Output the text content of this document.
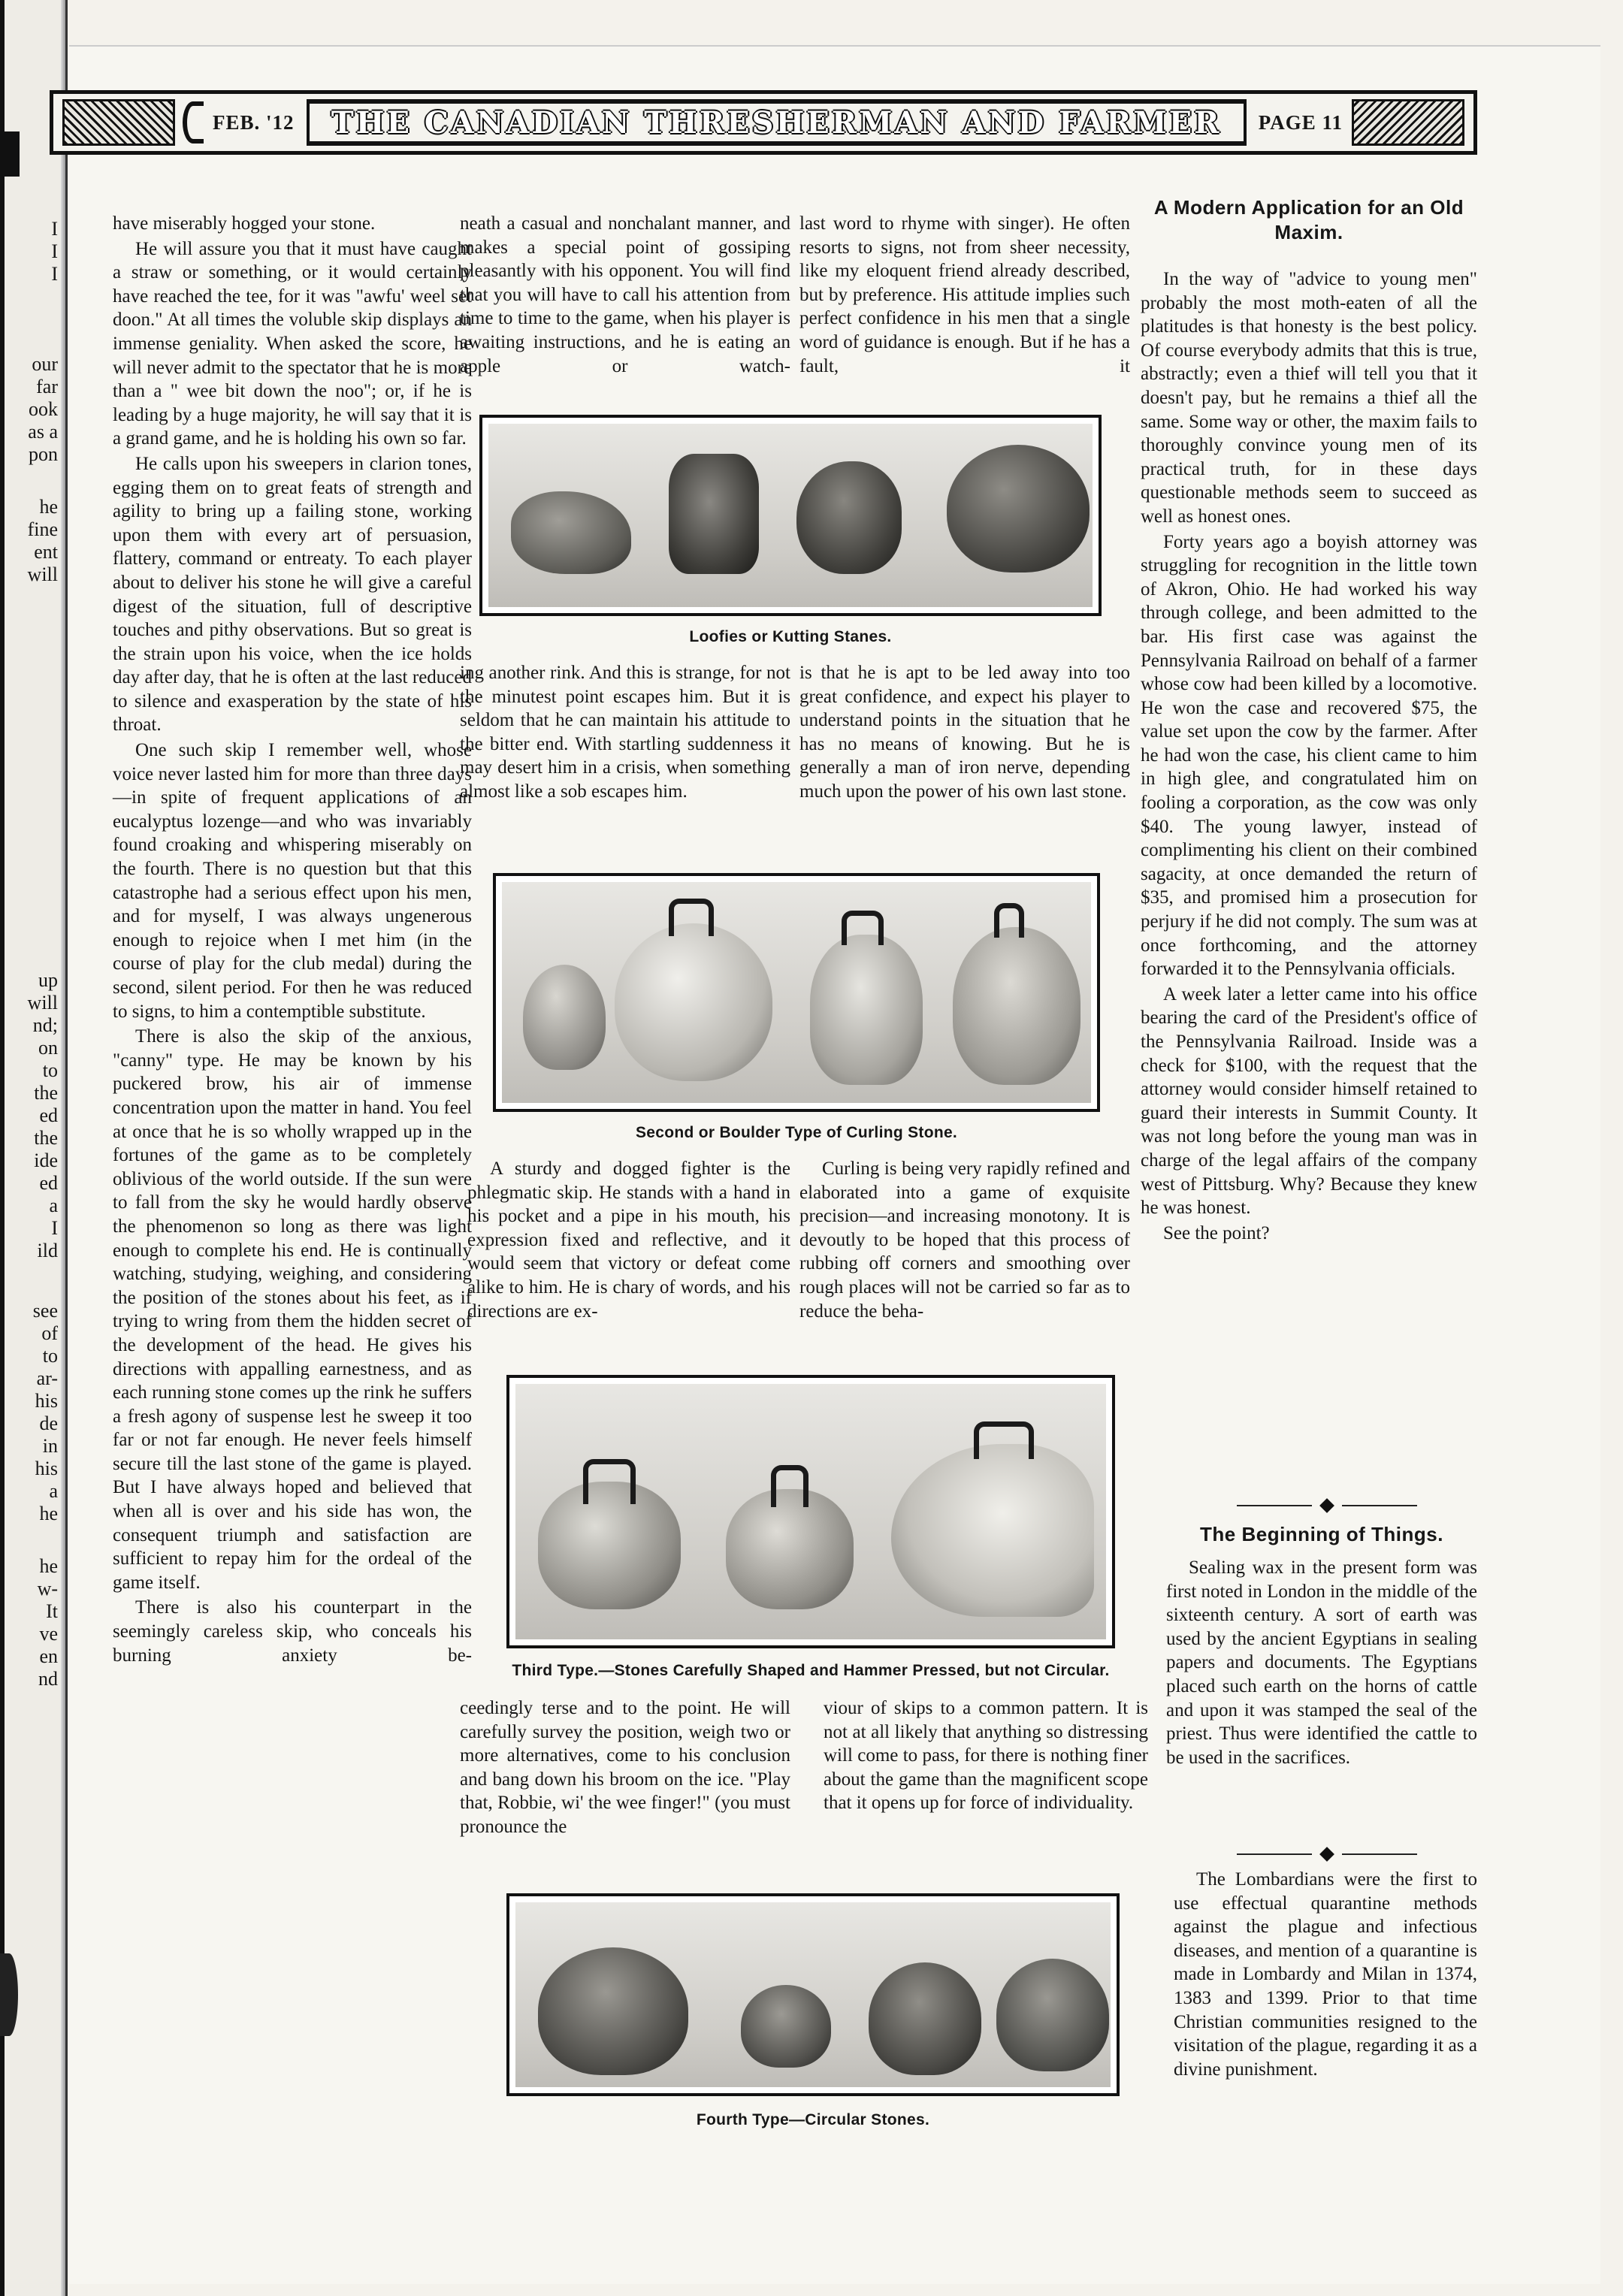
I
I
I
our
far
ook
as a
pon
he
fine
ent
will
up
will
nd;
on
to
the
ed
the
ide
ed
a
I
ild
see
of
to
ar-
his
de
in
his
a
he
he
w-
It
ve
en
nd
FEB. '12	THE CANADIAN THRESHERMAN AND FARMER	PAGE 11

have miserably hogged your stone.

He will assure you that it must have caught a straw or something, or it would certainly have reached the tee, for it was "awfu' weel set doon." At all times the voluble skip displays an immense geniality. When asked the score, he will never admit to the spectator that he is more than a " wee bit down the noo"; or, if he is leading by a huge majority, he will say that it is a grand game, and he is holding his own so far.

He calls upon his sweepers in clarion tones, egging them on to great feats of strength and agility to bring up a failing stone, working upon them with every art of persuasion, flattery, command or entreaty. To each player about to deliver his stone he will give a careful digest of the situation, full of descriptive touches and pithy observations. But so great is the strain upon his voice, when the ice holds day after day, that he is often at the last reduced to silence and exasperation by the state of his throat.

One such skip I remember well, whose voice never lasted him for more than three days—in spite of frequent applications of an eucalyptus lozenge—and who was invariably found croaking and whispering miserably on the fourth. There is no question but that this catastrophe had a serious effect upon his men, and for myself, I was always ungenerous enough to rejoice when I met him (in the course of play for the club medal) during the second, silent period. For then he was reduced to signs, to him a contemptible substitute.

There is also the skip of the anxious, "canny" type. He may be known by his puckered brow, his air of immense concentration upon the matter in hand. You feel at once that he is so wholly wrapped up in the fortunes of the game as to be completely oblivious of the world outside. If the sun were to fall from the sky he would hardly observe the phenomenon so long as there was light enough to complete his end. He is continually watching, studying, weighing, and considering the position of the stones about his feet, as if trying to wring from them the hidden secret of the development of the head. He gives his directions with appalling earnestness, and as each running stone comes up the rink he suffers a fresh agony of suspense lest he sweep it too far or not far enough. He never feels himself secure till the last stone of the game is played. But I have always hoped and believed that when all is over and his side has won, the consequent triumph and satisfaction are sufficient to repay him for the ordeal of the game itself.

There is also his counterpart in the seemingly careless skip, who conceals his burning anxiety be-

neath a casual and nonchalant manner, and makes a special point of gossiping pleasantly with his opponent. You will find that you will have to call his attention from time to time to the game, when his player is awaiting instructions, and he is eating an apple or watch-

last word to rhyme with singer). He often resorts to signs, not from sheer necessity, like my eloquent friend already described, but by preference. His attitude implies such perfect confidence in his men that a single word of guidance is enough. But if he has a fault, it

Loofies or Kutting Stanes.

ing another rink. And this is strange, for not the minutest point escapes him. But it is seldom that he can maintain his attitude to the bitter end. With startling suddenness it may desert him in a crisis, when something almost like a sob escapes him.

is that he is apt to be led away into too great confidence, and expect his player to understand points in the situation that he has no means of knowing. But he is generally a man of iron nerve, depending much upon the power of his own last stone.

Second or Boulder Type of Curling Stone.

A sturdy and dogged fighter is the phlegmatic skip. He stands with a hand in his pocket and a pipe in his mouth, his expression fixed and reflective, and it would seem that victory or defeat come alike to him. He is chary of words, and his directions are ex-

Curling is being very rapidly refined and elaborated into a game of exquisite precision—and increasing monotony. It is devoutly to be hoped that this process of rubbing off corners and smoothing over rough places will not be carried so far as to reduce the beha-

Third Type.—Stones Carefully Shaped and Hammer Pressed, but not Circular.

ceedingly terse and to the point. He will carefully survey the position, weigh two or more alternatives, come to his conclusion and bang down his broom on the ice. "Play that, Robbie, wi' the wee finger!" (you must pronounce the

viour of skips to a common pattern. It is not at all likely that anything so distressing will come to pass, for there is nothing finer about the game than the magnificent scope that it opens up for force of individuality.

Fourth Type—Circular Stones.
A Modern Application for an Old Maxim.

In the way of "advice to young men" probably the most moth-eaten of all the platitudes is that honesty is the best policy. Of course everybody admits that this is true, abstractly; even a thief will tell you that it doesn't pay, but he remains a thief all the same. Some way or other, the maxim fails to thoroughly convince young men of its practical truth, for in these days questionable methods seem to succeed as well as honest ones.

Forty years ago a boyish attorney was struggling for recognition in the little town of Akron, Ohio. He had worked his way through college, and been admitted to the bar. His first case was against the Pennsylvania Railroad on behalf of a farmer whose cow had been killed by a locomotive. He won the case and recovered $75, the value set upon the cow by the farmer. After he had won the case, his client came to him in high glee, and congratulated him on fooling a corporation, as the cow was only $40. The young lawyer, instead of complimenting his client on their combined sagacity, at once demanded the return of $35, and promised him a prosecution for perjury if he did not comply. The sum was at once forthcoming, and the attorney forwarded it to the Pennsylvania officials.

A week later a letter came into his office bearing the card of the President's office of the Pennsylvania Railroad. Inside was a check for $100, with the request that the attorney would consider himself retained to guard their interests in Summit County. It was not long before the young man was in charge of the legal affairs of the company west of Pittsburg. Why? Because they knew he was honest.

See the point?

The Beginning of Things.

Sealing wax in the present form was first noted in London in the middle of the sixteenth century. A sort of earth was used by the ancient Egyptians in sealing papers and documents. The Egyptians placed such earth on the horns of cattle and upon it was stamped the seal of the priest. Thus were identified the cattle to be used in the sacrifices.

The Lombardians were the first to use effectual quarantine methods against the plague and infectious diseases, and mention of a quarantine is made in Lombardy and Milan in 1374, 1383 and 1399. Prior to that time Christian communities resigned to the visitation of the plague, regarding it as a divine punishment.
